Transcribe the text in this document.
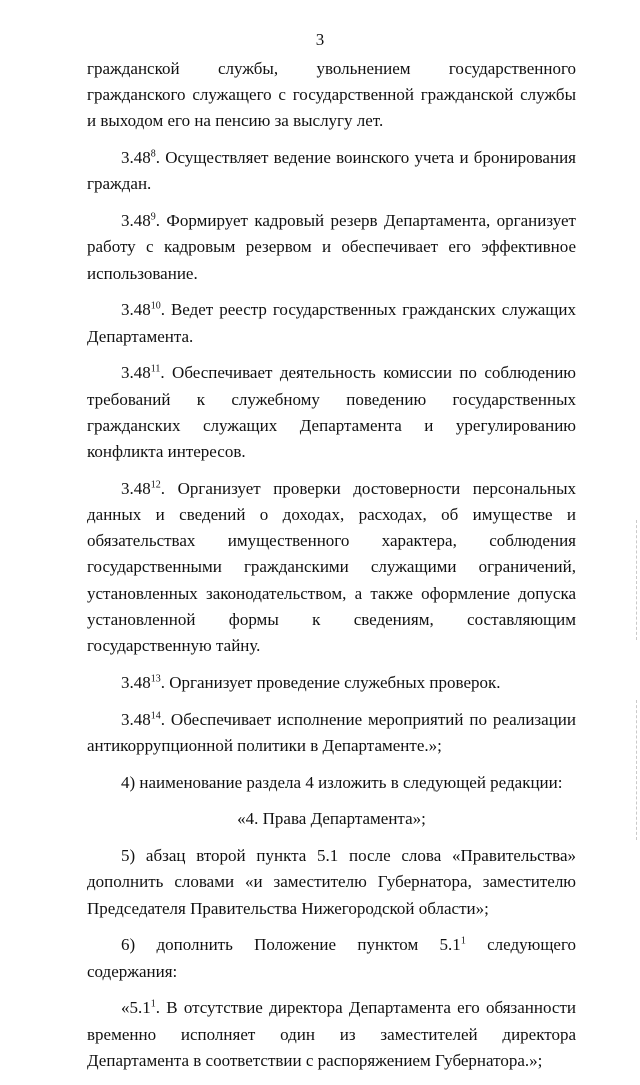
3

гражданской службы, увольнением государственного гражданского служащего с государственной гражданской службы и выходом его на пенсию за выслугу лет.

3.48$^8$. Осуществляет ведение воинского учета и бронирования граждан.

3.48$^9$. Формирует кадровый резерв Департамента, организует работу с кадровым резервом и обеспечивает его эффективное использование.

3.48$^{10}$. Ведет реестр государственных гражданских служащих Департамента.

3.48$^{11}$. Обеспечивает деятельность комиссии по соблюдению требований к служебному поведению государственных гражданских служащих Департамента и урегулированию конфликта интересов.

3.48$^{12}$. Организует проверки достоверности персональных данных и сведений о доходах, расходах, об имуществе и обязательствах имущественного характера, соблюдения государственными гражданскими служащими ограничений, установленных законодательством, а также оформление допуска установленной формы к сведениям, составляющим государственную тайну.

3.48$^{13}$. Организует проведение служебных проверок.

3.48$^{14}$. Обеспечивает исполнение мероприятий по реализации антикоррупционной политики в Департаменте.»;

4) наименование раздела 4 изложить в следующей редакции:

«4. Права Департамента»;

5) абзац второй пункта 5.1 после слова «Правительства» дополнить словами «и заместителю Губернатора, заместителю Председателя Правительства Нижегородской области»;

6) дополнить Положение пунктом $5.1^1$ следующего содержания:

«$5.1^1$. В отсутствие директора Департамента его обязанности временно исполняет один из заместителей директора Департамента в соответствии с распоряжением Губернатора.»;
